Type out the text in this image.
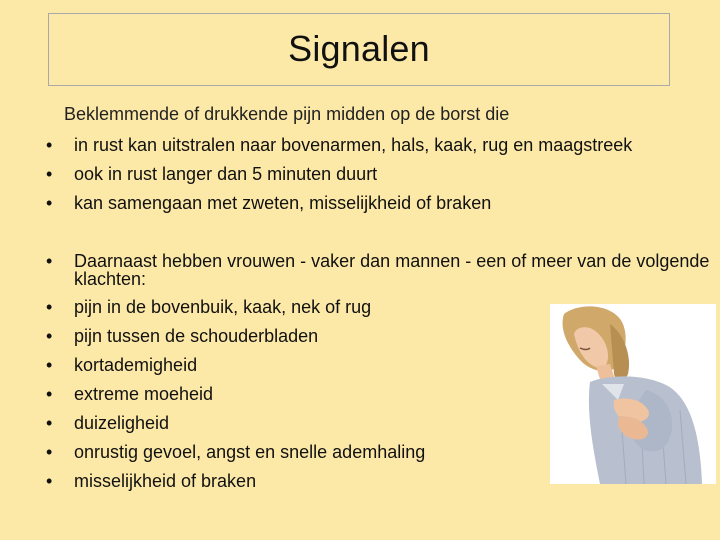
Signalen
Beklemmende of drukkende pijn midden op de borst die
• in rust kan uitstralen naar bovenarmen, hals, kaak, rug en maagstreek
• ook in rust langer dan 5 minuten duurt
• kan samengaan met zweten, misselijkheid of braken
• Daarnaast hebben vrouwen - vaker dan mannen - een of meer van de volgende klachten:
• pijn in de bovenbuik, kaak, nek of rug
• pijn tussen de schouderbladen
• kortademigheid
• extreme moeheid
• duizeligheid
• onrustig gevoel, angst en snelle ademhaling
• misselijkheid of braken
